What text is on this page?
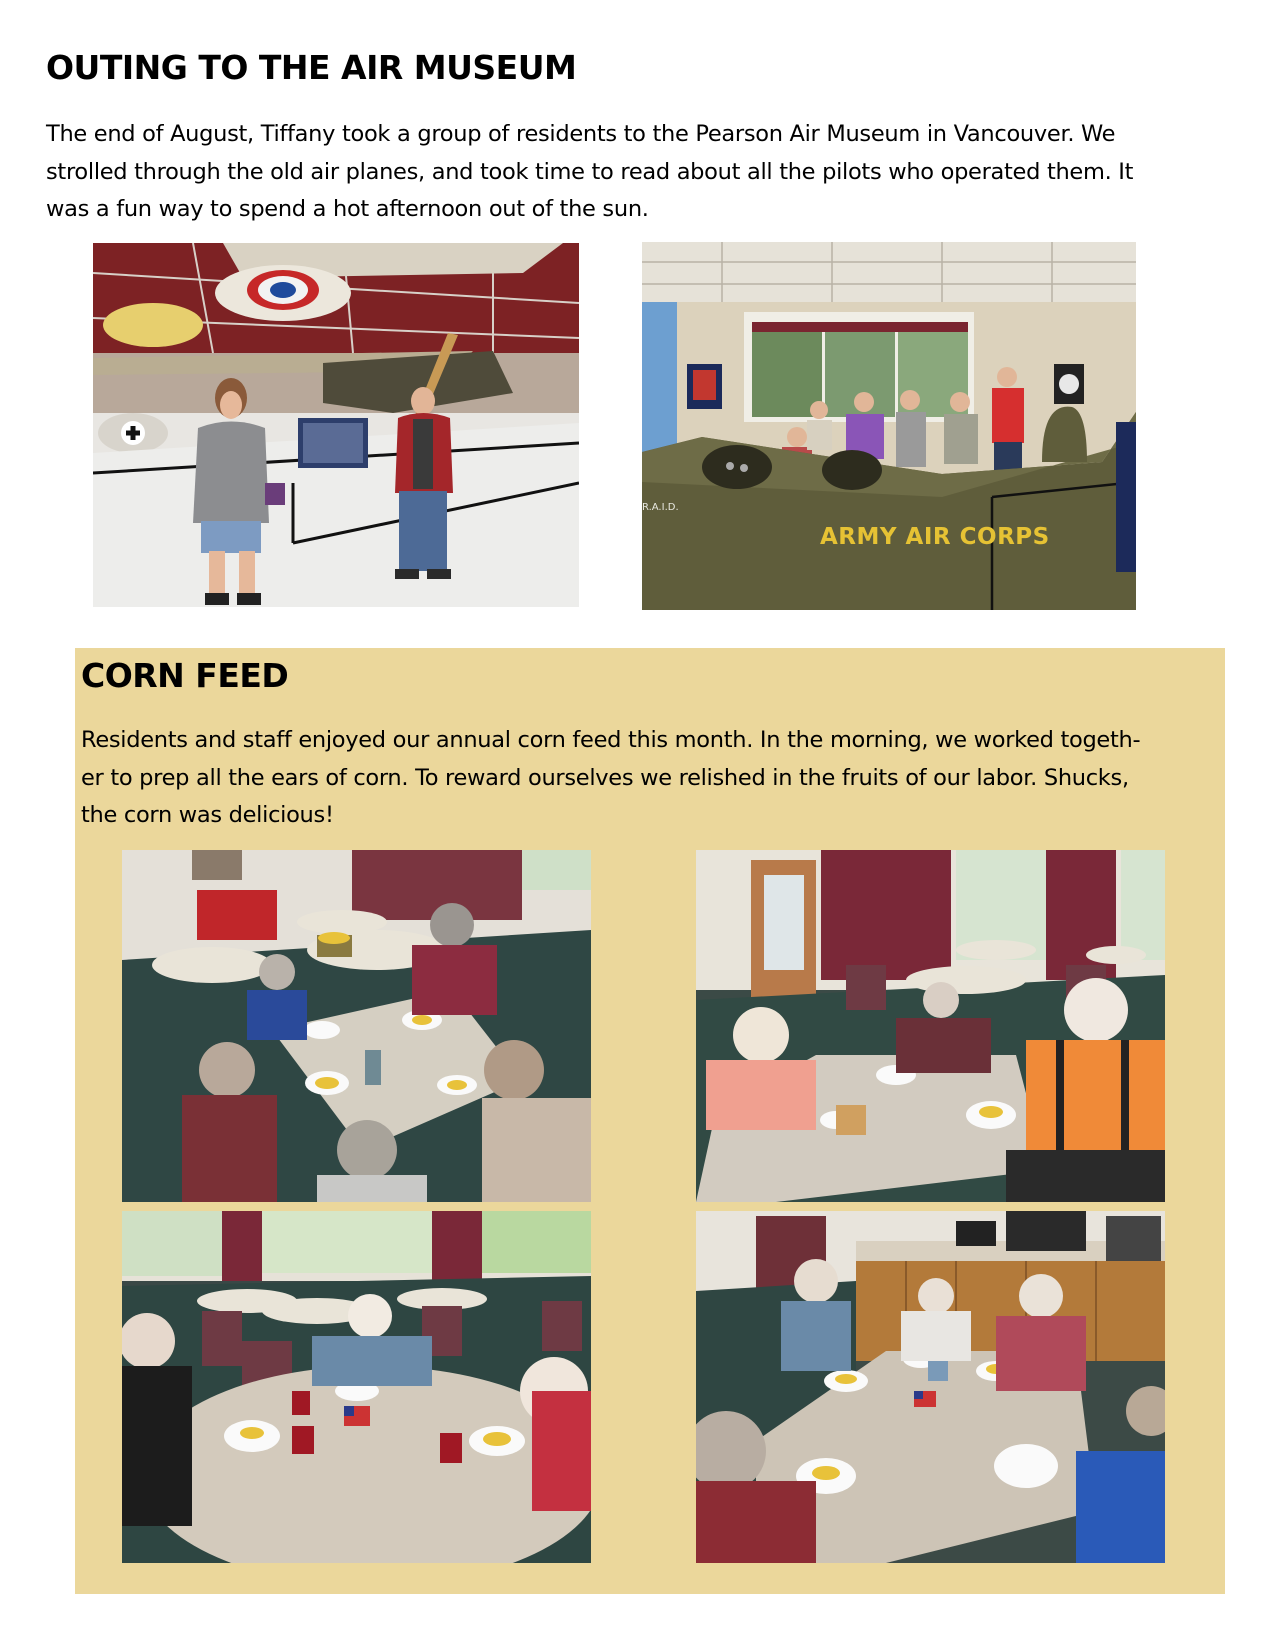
OUTING TO THE AIR MUSEUM

The end of August, Tiffany took a group of residents to the Pearson Air Museum in Vancouver. We
strolled through the old air planes, and took time to read about all the pilots who operated them. It
was a fun way to spend a hot afternoon out of the sun.

ARMY AIR CORPS
R.A.I.D.
CORN FEED

Residents and staff enjoyed our annual corn feed this month. In the morning, we worked togeth-
er to prep all the ears of corn. To reward ourselves we relished in the fruits of our labor. Shucks,
the corn was delicious!
